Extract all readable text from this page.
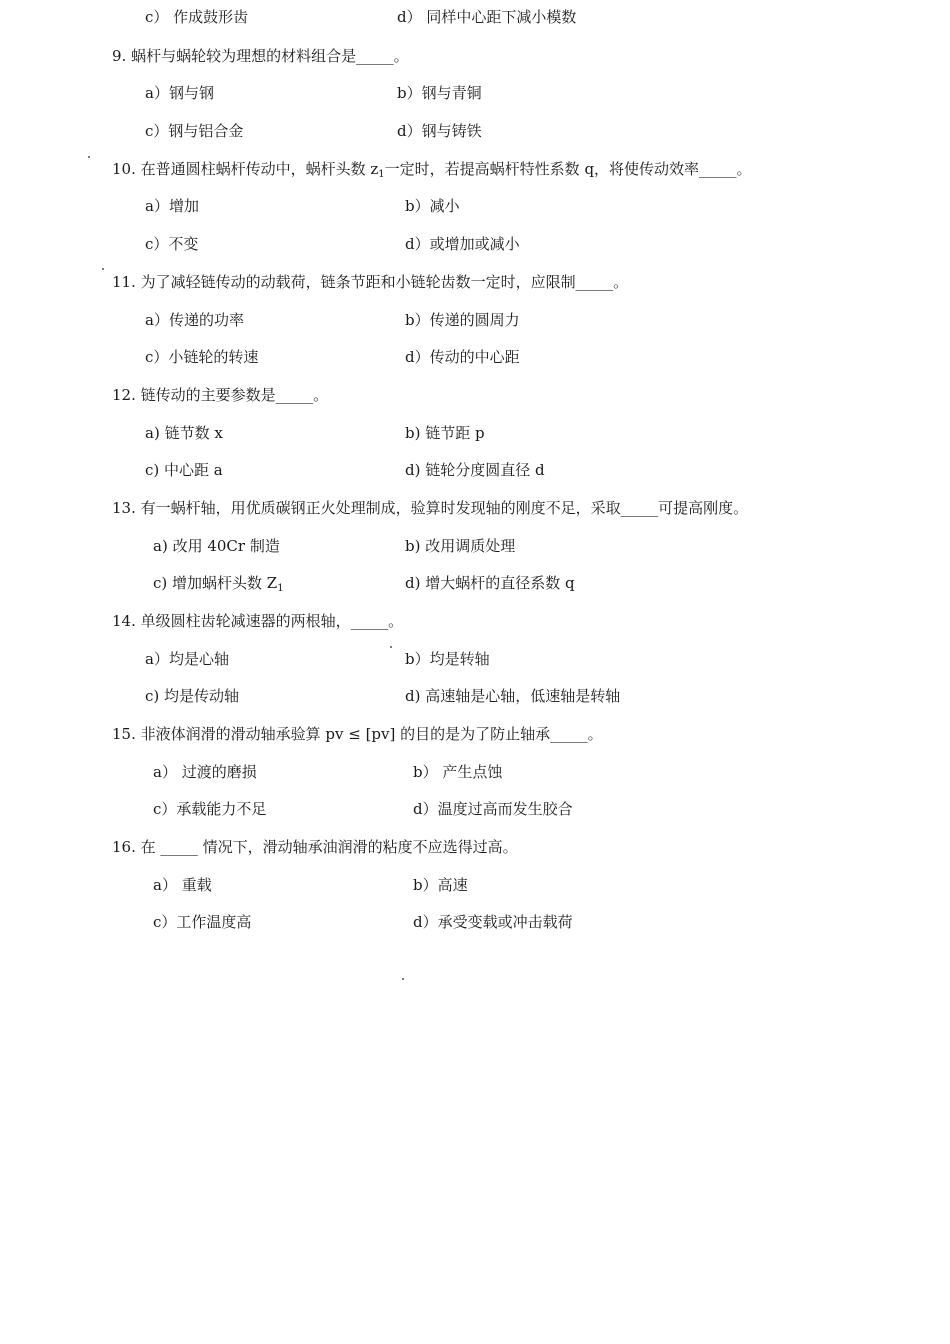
c） 作成鼓形齿	d） 同样中心距下减小模数
9. 蜗杆与蜗轮较为理想的材料组合是_____。
a）钢与钢	b）钢与青铜
c）钢与铝合金	d）钢与铸铁
10. 在普通圆柱蜗杆传动中，蜗杆头数 $z_1$一定时，若提高蜗杆特性系数 q，将使传动效率_____。
a）增加	b）减小
c）不变	d）或增加或减小
11. 为了减轻链传动的动载荷，链条节距和小链轮齿数一定时，应限制_____。
a）传递的功率	b）传递的圆周力
c）小链轮的转速	d）传动的中心距
12. 链传动的主要参数是_____。
a) 链节数 x	b) 链节距 p
c) 中心距 a	d) 链轮分度圆直径 d
13. 有一蜗杆轴，用优质碳钢正火处理制成，验算时发现轴的刚度不足，采取_____可提高刚度。
a) 改用 40Cr 制造	b) 改用调质处理
c) 增加蜗杆头数 $Z_1$	d) 增大蜗杆的直径系数 q
14. 单级圆柱齿轮减速器的两根轴，_____。
a）均是心轴	b）均是转轴
c) 均是传动轴	d) 高速轴是心轴，低速轴是转轴
15. 非液体润滑的滑动轴承验算 pv ≤ [pv] 的目的是为了防止轴承_____。
a） 过渡的磨损	b） 产生点蚀
c）承载能力不足	d）温度过高而发生胶合
16. 在 _____ 情况下，滑动轴承油润滑的粘度不应选得过高。
a） 重载	b）高速
c）工作温度高	d）承受变载或冲击载荷
